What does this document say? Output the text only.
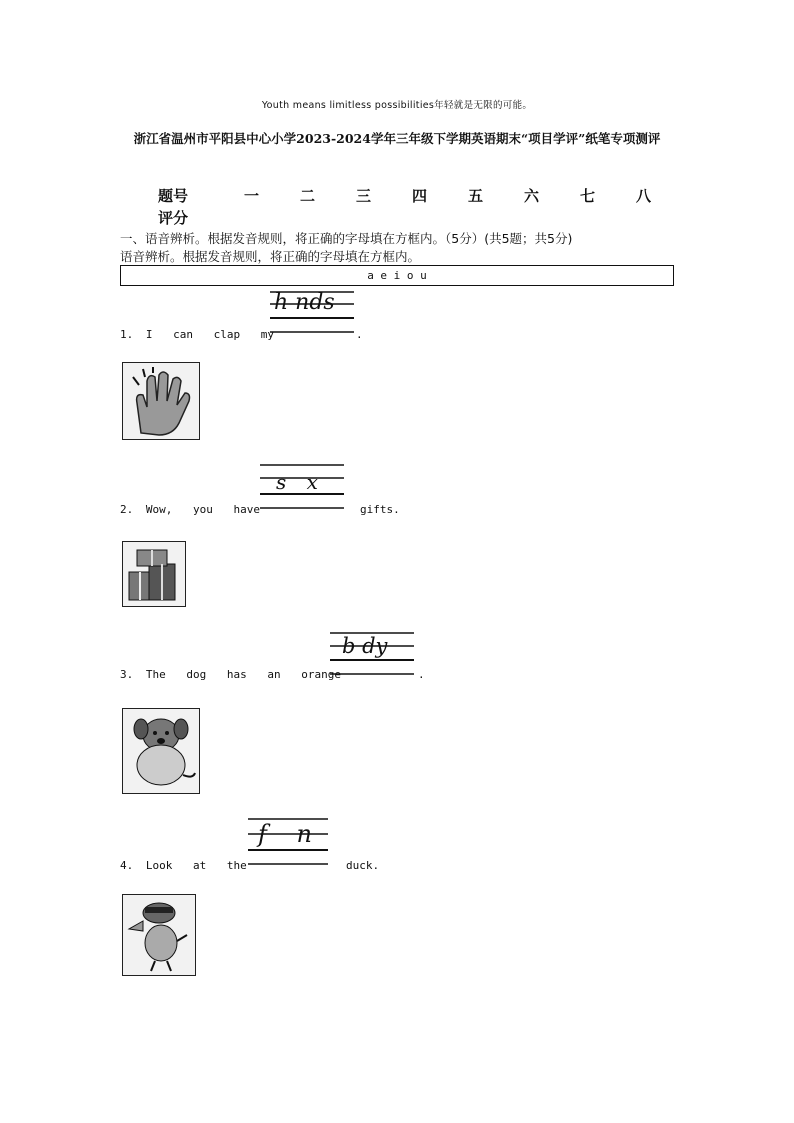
Youth means limitless possibilities年轻就是无限的可能。
浙江省温州市平阳县中心小学2023-2024学年三年级下学期英语期末“项目学评”纸笔专项测评
题号	一	二	三	四	五	六	七	八
评分
一、语音辨析。根据发音规则，将正确的字母填在方框内。（5分）(共5题；共5分)
语音辨析。根据发音规则，将正确的字母填在方框内。
a e i o u
h nds
1. I can clap my	.
s x
2. Wow, you have	gifts.
b dy
3. The dog has an orange	.
f n
4. Look at the	duck.
